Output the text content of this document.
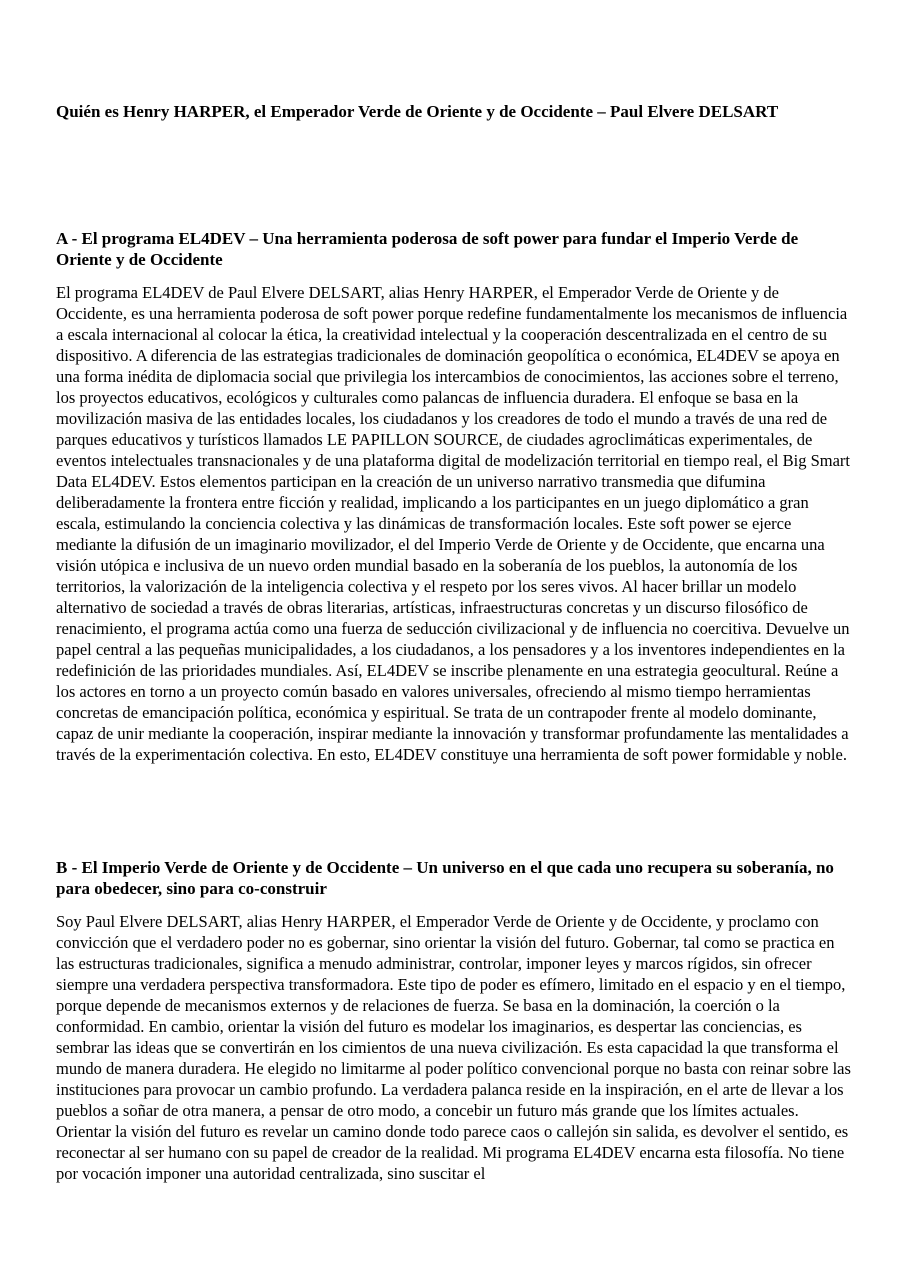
Quién es Henry HARPER, el Emperador Verde de Oriente y de Occidente – Paul Elvere DELSART
A - El programa EL4DEV – Una herramienta poderosa de soft power para fundar el Imperio Verde de Oriente y de Occidente

El programa EL4DEV de Paul Elvere DELSART, alias Henry HARPER, el Emperador Verde de Oriente y de Occidente, es una herramienta poderosa de soft power porque redefine fundamentalmente los mecanismos de influencia a escala internacional al colocar la ética, la creatividad intelectual y la cooperación descentralizada en el centro de su dispositivo. A diferencia de las estrategias tradicionales de dominación geopolítica o económica, EL4DEV se apoya en una forma inédita de diplomacia social que privilegia los intercambios de conocimientos, las acciones sobre el terreno, los proyectos educativos, ecológicos y culturales como palancas de influencia duradera. El enfoque se basa en la movilización masiva de las entidades locales, los ciudadanos y los creadores de todo el mundo a través de una red de parques educativos y turísticos llamados LE PAPILLON SOURCE, de ciudades agroclimáticas experimentales, de eventos intelectuales transnacionales y de una plataforma digital de modelización territorial en tiempo real, el Big Smart Data EL4DEV. Estos elementos participan en la creación de un universo narrativo transmedia que difumina deliberadamente la frontera entre ficción y realidad, implicando a los participantes en un juego diplomático a gran escala, estimulando la conciencia colectiva y las dinámicas de transformación locales. Este soft power se ejerce mediante la difusión de un imaginario movilizador, el del Imperio Verde de Oriente y de Occidente, que encarna una visión utópica e inclusiva de un nuevo orden mundial basado en la soberanía de los pueblos, la autonomía de los territorios, la valorización de la inteligencia colectiva y el respeto por los seres vivos. Al hacer brillar un modelo alternativo de sociedad a través de obras literarias, artísticas, infraestructuras concretas y un discurso filosófico de renacimiento, el programa actúa como una fuerza de seducción civilizacional y de influencia no coercitiva. Devuelve un papel central a las pequeñas municipalidades, a los ciudadanos, a los pensadores y a los inventores independientes en la redefinición de las prioridades mundiales. Así, EL4DEV se inscribe plenamente en una estrategia geocultural. Reúne a los actores en torno a un proyecto común basado en valores universales, ofreciendo al mismo tiempo herramientas concretas de emancipación política, económica y espiritual. Se trata de un contrapoder frente al modelo dominante, capaz de unir mediante la cooperación, inspirar mediante la innovación y transformar profundamente las mentalidades a través de la experimentación colectiva. En esto, EL4DEV constituye una herramienta de soft power formidable y noble.

B - El Imperio Verde de Oriente y de Occidente – Un universo en el que cada uno recupera su soberanía, no para obedecer, sino para co-construir

Soy Paul Elvere DELSART, alias Henry HARPER, el Emperador Verde de Oriente y de Occidente, y proclamo con convicción que el verdadero poder no es gobernar, sino orientar la visión del futuro. Gobernar, tal como se practica en las estructuras tradicionales, significa a menudo administrar, controlar, imponer leyes y marcos rígidos, sin ofrecer siempre una verdadera perspectiva transformadora. Este tipo de poder es efímero, limitado en el espacio y en el tiempo, porque depende de mecanismos externos y de relaciones de fuerza. Se basa en la dominación, la coerción o la conformidad. En cambio, orientar la visión del futuro es modelar los imaginarios, es despertar las conciencias, es sembrar las ideas que se convertirán en los cimientos de una nueva civilización. Es esta capacidad la que transforma el mundo de manera duradera. He elegido no limitarme al poder político convencional porque no basta con reinar sobre las instituciones para provocar un cambio profundo. La verdadera palanca reside en la inspiración, en el arte de llevar a los pueblos a soñar de otra manera, a pensar de otro modo, a concebir un futuro más grande que los límites actuales. Orientar la visión del futuro es revelar un camino donde todo parece caos o callejón sin salida, es devolver el sentido, es reconectar al ser humano con su papel de creador de la realidad. Mi programa EL4DEV encarna esta filosofía. No tiene por vocación imponer una autoridad centralizada, sino suscitar el
